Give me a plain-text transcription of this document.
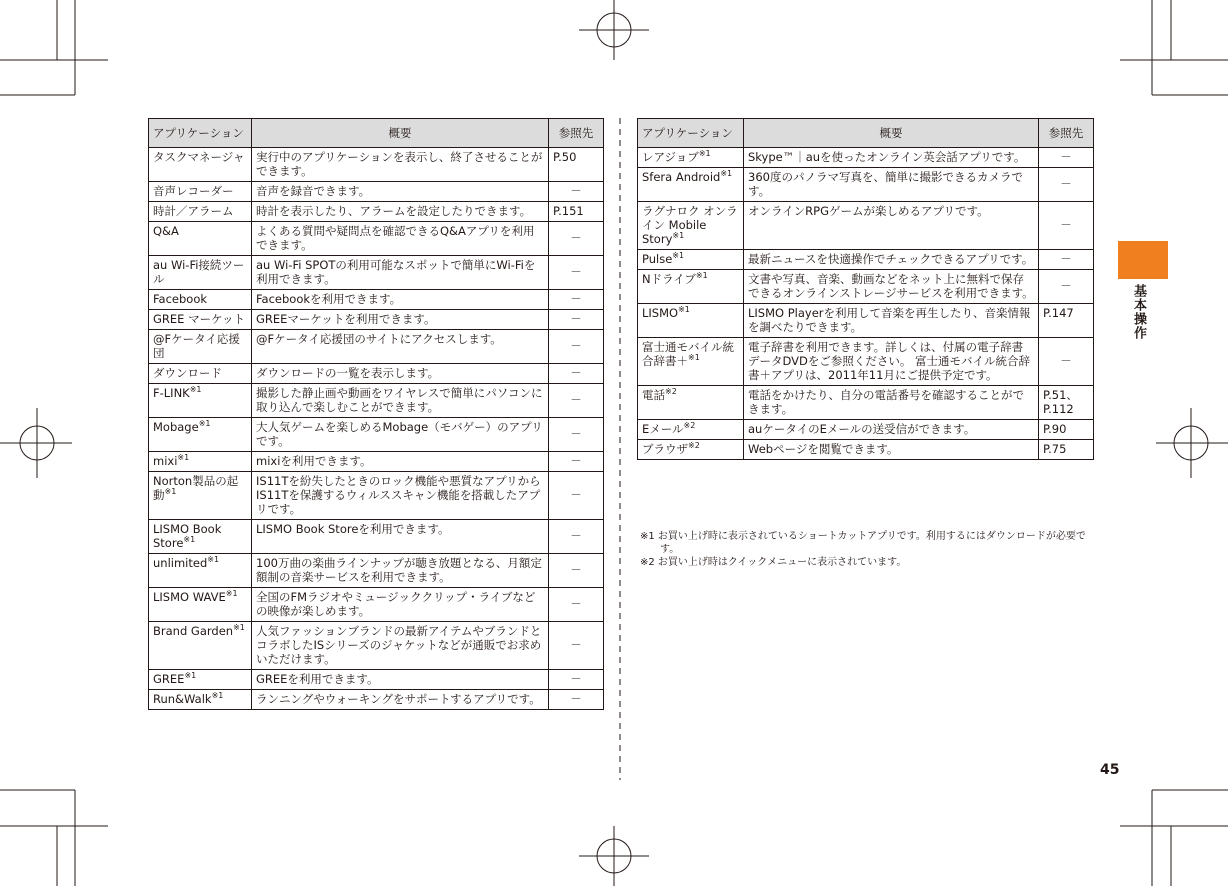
アプリケーション	概要	参照先
タスクマネージャ	実行中のアプリケーションを表示し、終了させることができます。	P.50
音声レコーダー	音声を録音できます。	－
時計／アラーム	時計を表示したり、アラームを設定したりできます。	P.151
Q&A	よくある質問や疑問点を確認できるQ&Aアプリを利用できます。	－
au Wi-Fi接続ツール	au Wi-Fi SPOTの利用可能なスポットで簡単にWi-Fiを利用できます。	－
Facebook	Facebookを利用できます。	－
GREE マーケット	GREEマーケットを利用できます。	－
@Fケータイ応援団	@Fケータイ応援団のサイトにアクセスします。	－
ダウンロード	ダウンロードの一覧を表示します。	－
$F-LINK^{※1}$	撮影した静止画や動画をワイヤレスで簡単にパソコンに取り込んで楽しむことができます。	－
Mobage$^{※1}$	大人気ゲームを楽しめるMobage（モバゲー）のアプリです。	－
mixi$^{※1}$	mixiを利用できます。	－
Norton製品の起動$^{※1}$	IS11Tを紛失したときのロック機能や悪質なアプリからIS11Tを保護するウィルススキャン機能を搭載したアプリです。	－
LISMO Book Store$^{※1}$	LISMO Book Storeを利用できます。	－
unlimited$^{※1}$	100万曲の楽曲ラインナップが聴き放題となる、月額定額制の音楽サービスを利用できます。	－
LISMO WAVE$^{※1}$	全国のFMラジオやミュージッククリップ・ライブなどの映像が楽しめます。	－
Brand Garden$^{※1}$	人気ファッションブランドの最新アイテムやブランドとコラボしたISシリーズのジャケットなどが通販でお求めいただけます。	－
$GREE^{※1}$	GREEを利用できます。	－
Run&Walk$^{※1}$	ランニングやウォーキングをサポートするアプリです。	－
アプリケーション	概要	参照先
レアジョブ$^{※1}$	Skype™｜auを使ったオンライン英会話アプリです。	－
Sfera Android$^{※1}$	360度のパノラマ写真を、簡単に撮影できるカメラです。	－
ラグナロク オンライン Mobile Story$^{※1}$	オンラインRPGゲームが楽しめるアプリです。	－
Pulse$^{※1}$	最新ニュースを快適操作でチェックできるアプリです。	－
Nドライブ$^{※1}$	文書や写真、音楽、動画などをネット上に無料で保存できるオンラインストレージサービスを利用できます。	－
$LISMO^{※1}$	LISMO Playerを利用して音楽を再生したり、音楽情報を調べたりできます。	P.147
富士通モバイル統合辞書＋$^{※1}$	電子辞書を利用できます。詳しくは、付属の電子辞書データDVDをご参照ください。 富士通モバイル統合辞書＋アプリは、2011年11月にご提供予定です。	－
電話$^{※2}$	電話をかけたり、自分の電話番号を確認することができます。	P.51、P.112
Eメール$^{※2}$	auケータイのEメールの送受信ができます。	P.90
ブラウザ$^{※2}$	Webページを閲覧できます。	P.75

※1 お買い上げ時に表示されているショートカットアプリです。利用するにはダウンロードが必要です。

※2 お買い上げ時はクイックメニューに表示されています。

基本操作
45
